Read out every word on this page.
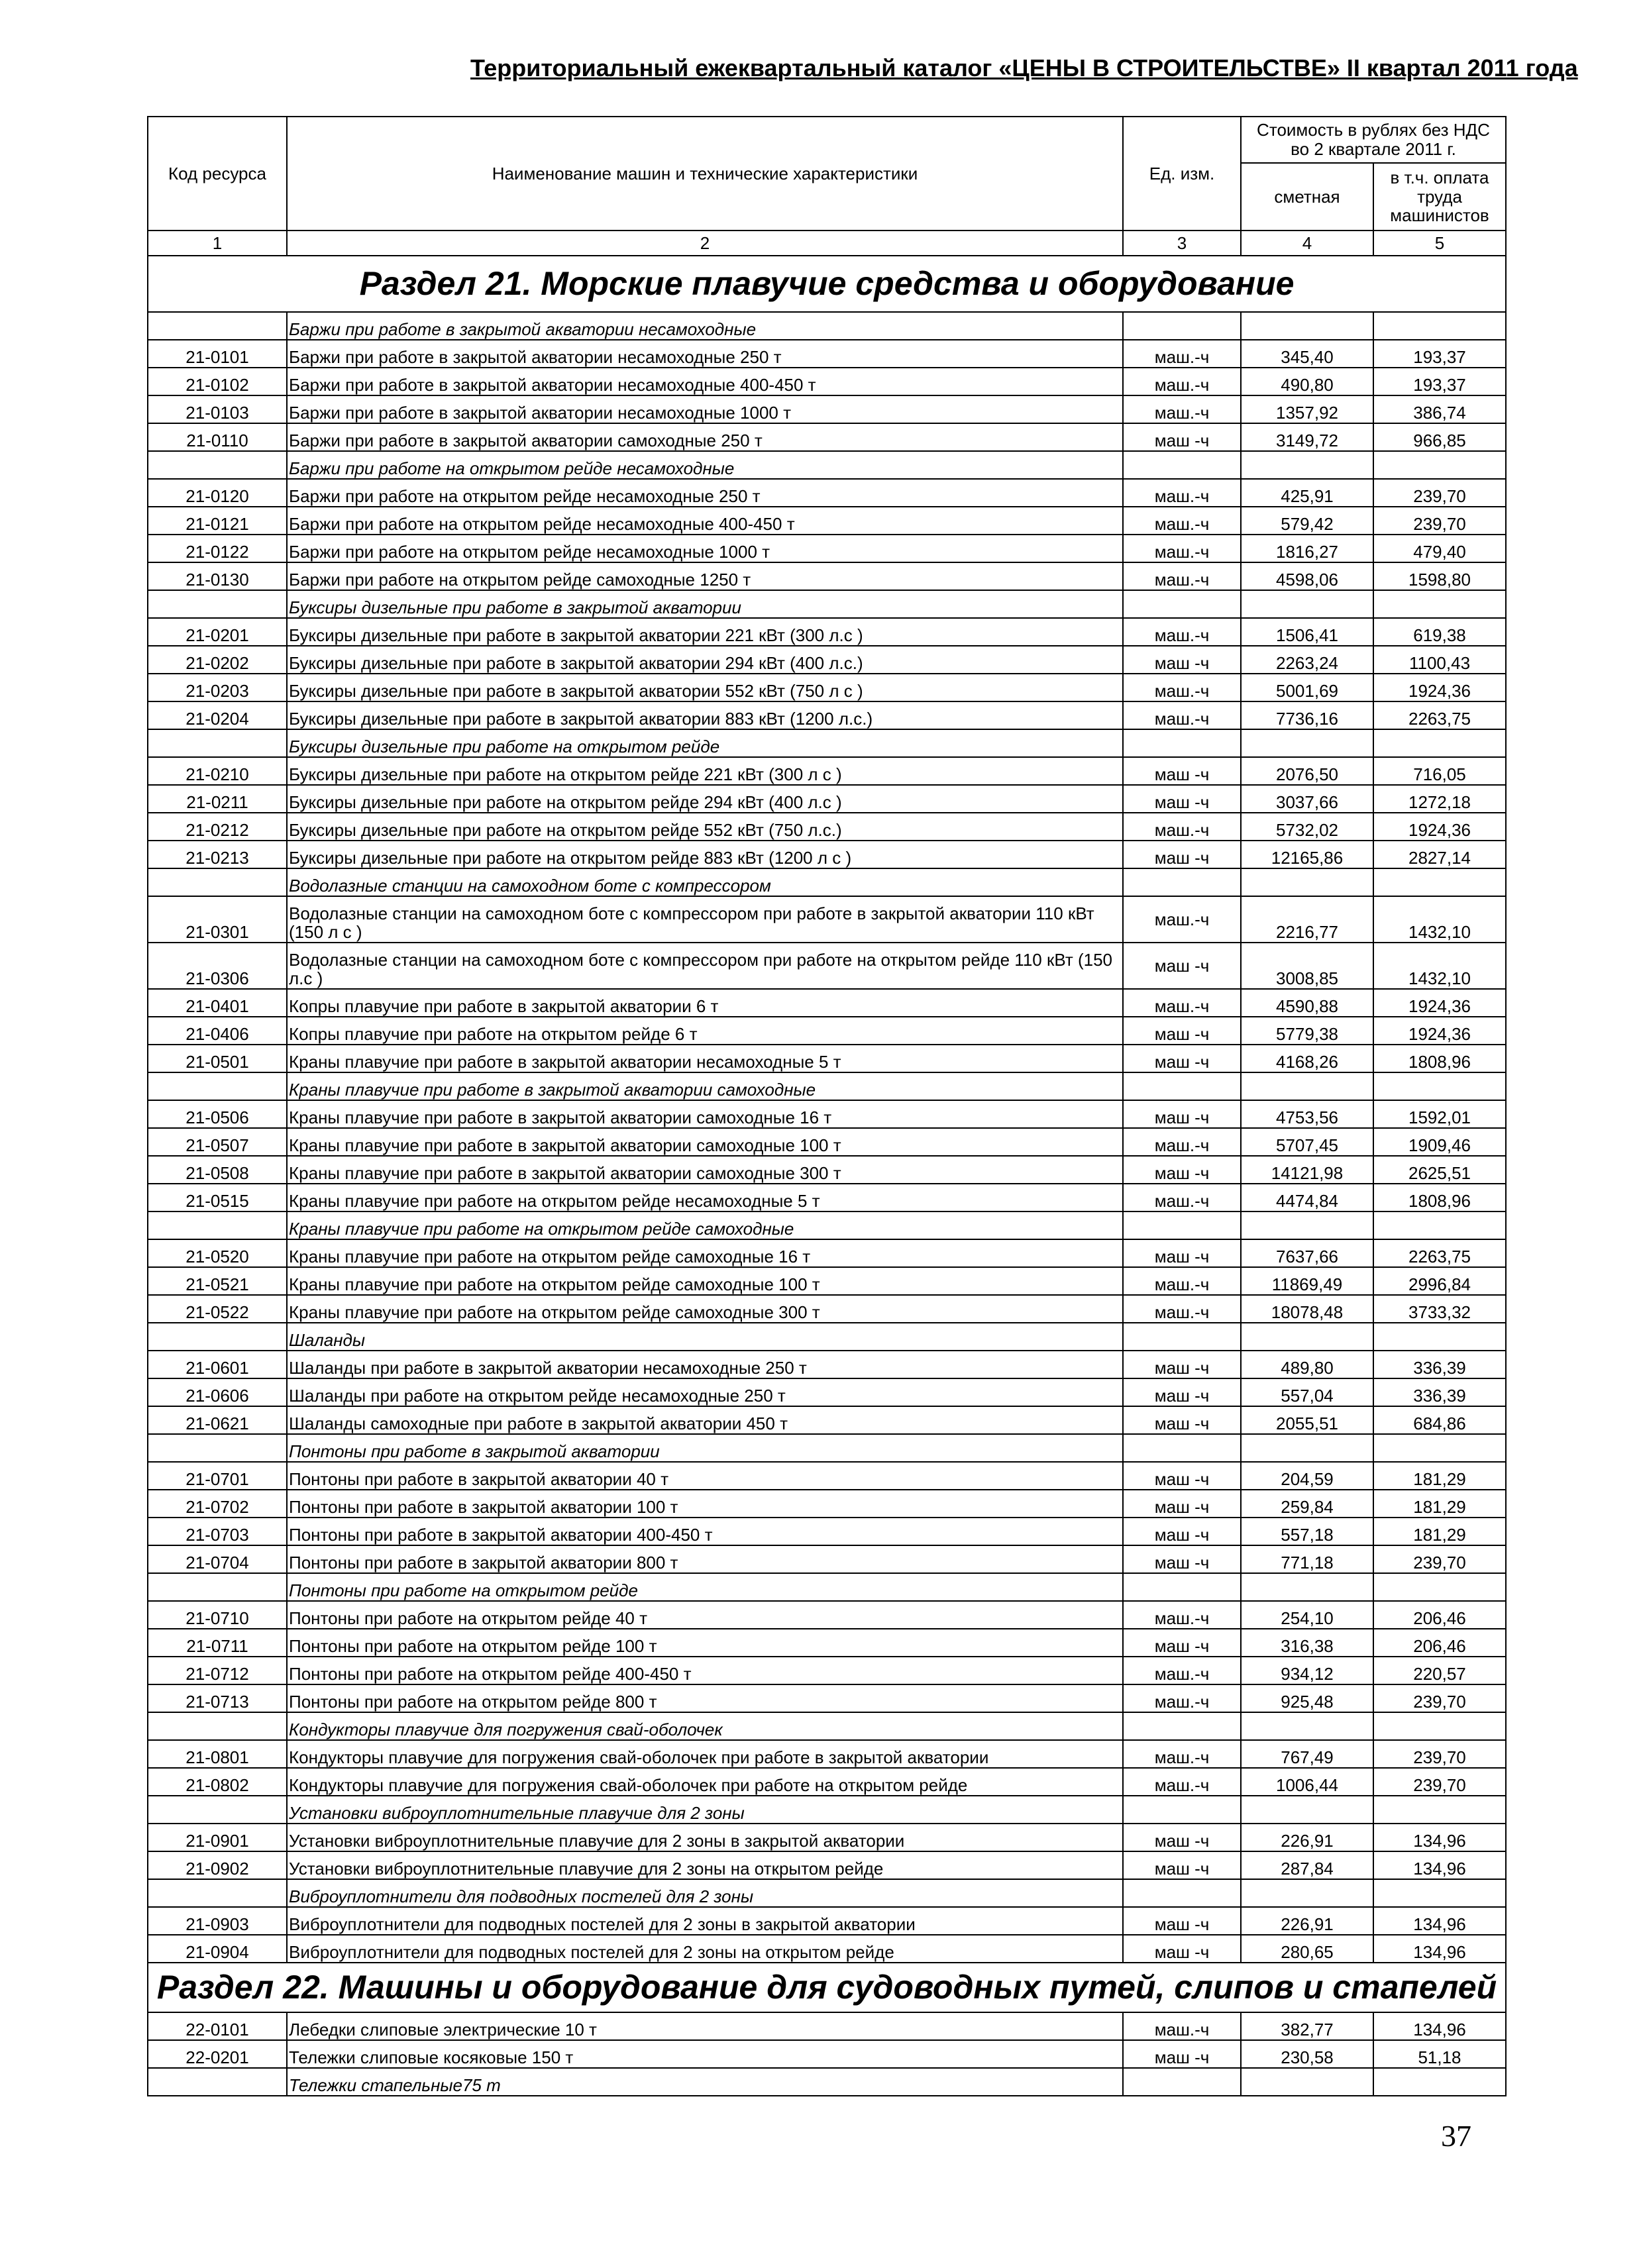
Территориальный ежеквартальный каталог «ЦЕНЫ В СТРОИТЕЛЬСТВЕ» II квартал 2011 года
Код ресурса	Наименование машин и технические характеристики	Ед. изм.	Стоимость в рублях без НДС во 2 квартале 2011 г.	
			сметная	в т.ч. оплата труда машинистов
1	2	3	4	5
Раздел 21. Морские плавучие средства и оборудование				
	Баржи при работе в закрытой акватории несамоходные			
21-0101	Баржи при работе в закрытой акватории несамоходные 250 т	маш.-ч	345,40	193,37
21-0102	Баржи при работе в закрытой акватории несамоходные 400-450 т	маш.-ч	490,80	193,37
21-0103	Баржи при работе в закрытой акватории несамоходные 1000 т	маш.-ч	1357,92	386,74
21-0110	Баржи при работе в закрытой акватории самоходные 250 т	маш -ч	3149,72	966,85
	Баржи при работе на открытом рейде несамоходные			
21-0120	Баржи при работе на открытом рейде несамоходные 250 т	маш.-ч	425,91	239,70
21-0121	Баржи при работе на открытом рейде несамоходные 400-450 т	маш.-ч	579,42	239,70
21-0122	Баржи при работе на открытом рейде несамоходные 1000 т	маш.-ч	1816,27	479,40
21-0130	Баржи при работе на открытом рейде самоходные 1250 т	маш.-ч	4598,06	1598,80
	Буксиры дизельные при работе в закрытой акватории			
21-0201	Буксиры дизельные при работе в закрытой акватории 221 кВт (300 л.с )	маш.-ч	1506,41	619,38
21-0202	Буксиры дизельные при работе в закрытой акватории 294 кВт (400 л.с.)	маш -ч	2263,24	1100,43
21-0203	Буксиры дизельные при работе в закрытой акватории 552 кВт (750 л с )	маш.-ч	5001,69	1924,36
21-0204	Буксиры дизельные при работе в закрытой акватории 883 кВт (1200 л.с.)	маш.-ч	7736,16	2263,75
	Буксиры дизельные при работе на открытом рейде			
21-0210	Буксиры дизельные при работе на открытом рейде 221 кВт (300 л с )	маш -ч	2076,50	716,05
21-0211	Буксиры дизельные при работе на открытом рейде 294 кВт (400 л.с )	маш -ч	3037,66	1272,18
21-0212	Буксиры дизельные при работе на открытом рейде 552 кВт (750 л.с.)	маш.-ч	5732,02	1924,36
21-0213	Буксиры дизельные при работе на открытом рейде 883 кВт (1200 л с )	маш -ч	12165,86	2827,14
	Водолазные станции на самоходном боте с компрессором			
21-0301	Водолазные станции на самоходном боте с компрессором при работе в закрытой акватории 110 кВт (150 л с )	маш.-ч	2216,77	1432,10
21-0306	Водолазные станции на самоходном боте с компрессором при работе на открытом рейде 110 кВт (150 л.с )	маш -ч	3008,85	1432,10
21-0401	Копры плавучие при работе в закрытой акватории 6 т	маш.-ч	4590,88	1924,36
21-0406	Копры плавучие при работе на открытом рейде 6 т	маш -ч	5779,38	1924,36
21-0501	Краны плавучие при работе в закрытой акватории несамоходные 5 т	маш -ч	4168,26	1808,96
	Краны плавучие при работе в закрытой акватории самоходные			
21-0506	Краны плавучие при работе в закрытой акватории самоходные 16 т	маш -ч	4753,56	1592,01
21-0507	Краны плавучие при работе в закрытой акватории самоходные 100 т	маш.-ч	5707,45	1909,46
21-0508	Краны плавучие при работе в закрытой акватории самоходные 300 т	маш -ч	14121,98	2625,51
21-0515	Краны плавучие при работе на открытом рейде несамоходные 5 т	маш.-ч	4474,84	1808,96
	Краны плавучие при работе на открытом рейде самоходные			
21-0520	Краны плавучие при работе на открытом рейде самоходные 16 т	маш -ч	7637,66	2263,75
21-0521	Краны плавучие при работе на открытом рейде самоходные 100 т	маш.-ч	11869,49	2996,84
21-0522	Краны плавучие при работе на открытом рейде самоходные 300 т	маш.-ч	18078,48	3733,32
	Шаланды			
21-0601	Шаланды при работе в закрытой акватории несамоходные 250 т	маш -ч	489,80	336,39
21-0606	Шаланды при работе на открытом рейде несамоходные 250 т	маш -ч	557,04	336,39
21-0621	Шаланды самоходные при работе в закрытой акватории 450 т	маш -ч	2055,51	684,86
	Понтоны при работе в закрытой акватории			
21-0701	Понтоны при работе в закрытой акватории 40 т	маш -ч	204,59	181,29
21-0702	Понтоны при работе в закрытой акватории 100 т	маш -ч	259,84	181,29
21-0703	Понтоны при работе в закрытой акватории 400-450 т	маш -ч	557,18	181,29
21-0704	Понтоны при работе в закрытой акватории 800 т	маш -ч	771,18	239,70
	Понтоны при работе на открытом рейде			
21-0710	Понтоны при работе на открытом рейде 40 т	маш.-ч	254,10	206,46
21-0711	Понтоны при работе на открытом рейде 100 т	маш -ч	316,38	206,46
21-0712	Понтоны при работе на открытом рейде 400-450 т	маш.-ч	934,12	220,57
21-0713	Понтоны при работе на открытом рейде 800 т	маш.-ч	925,48	239,70
	Кондукторы плавучие для погружения свай-оболочек			
21-0801	Кондукторы плавучие для погружения свай-оболочек при работе в закрытой акватории	маш.-ч	767,49	239,70
21-0802	Кондукторы плавучие для погружения свай-оболочек при работе на открытом рейде	маш.-ч	1006,44	239,70
	Установки виброуплотнительные плавучие для 2 зоны			
21-0901	Установки виброуплотнительные плавучие для 2 зоны в закрытой акватории	маш -ч	226,91	134,96
21-0902	Установки виброуплотнительные плавучие для 2 зоны на открытом рейде	маш -ч	287,84	134,96
	Виброуплотнители для подводных постелей для 2 зоны			
21-0903	Виброуплотнители для подводных постелей для 2 зоны в закрытой акватории	маш -ч	226,91	134,96
21-0904	Виброуплотнители для подводных постелей для 2 зоны на открытом рейде	маш -ч	280,65	134,96
Раздел 22. Машины и оборудование для судоводных путей, слипов и стапелей				
22-0101	Лебедки слиповые электрические 10 т	маш.-ч	382,77	134,96
22-0201	Тележки слиповые косяковые 150 т	маш -ч	230,58	51,18
	Тележки стапельные75 т			
37
